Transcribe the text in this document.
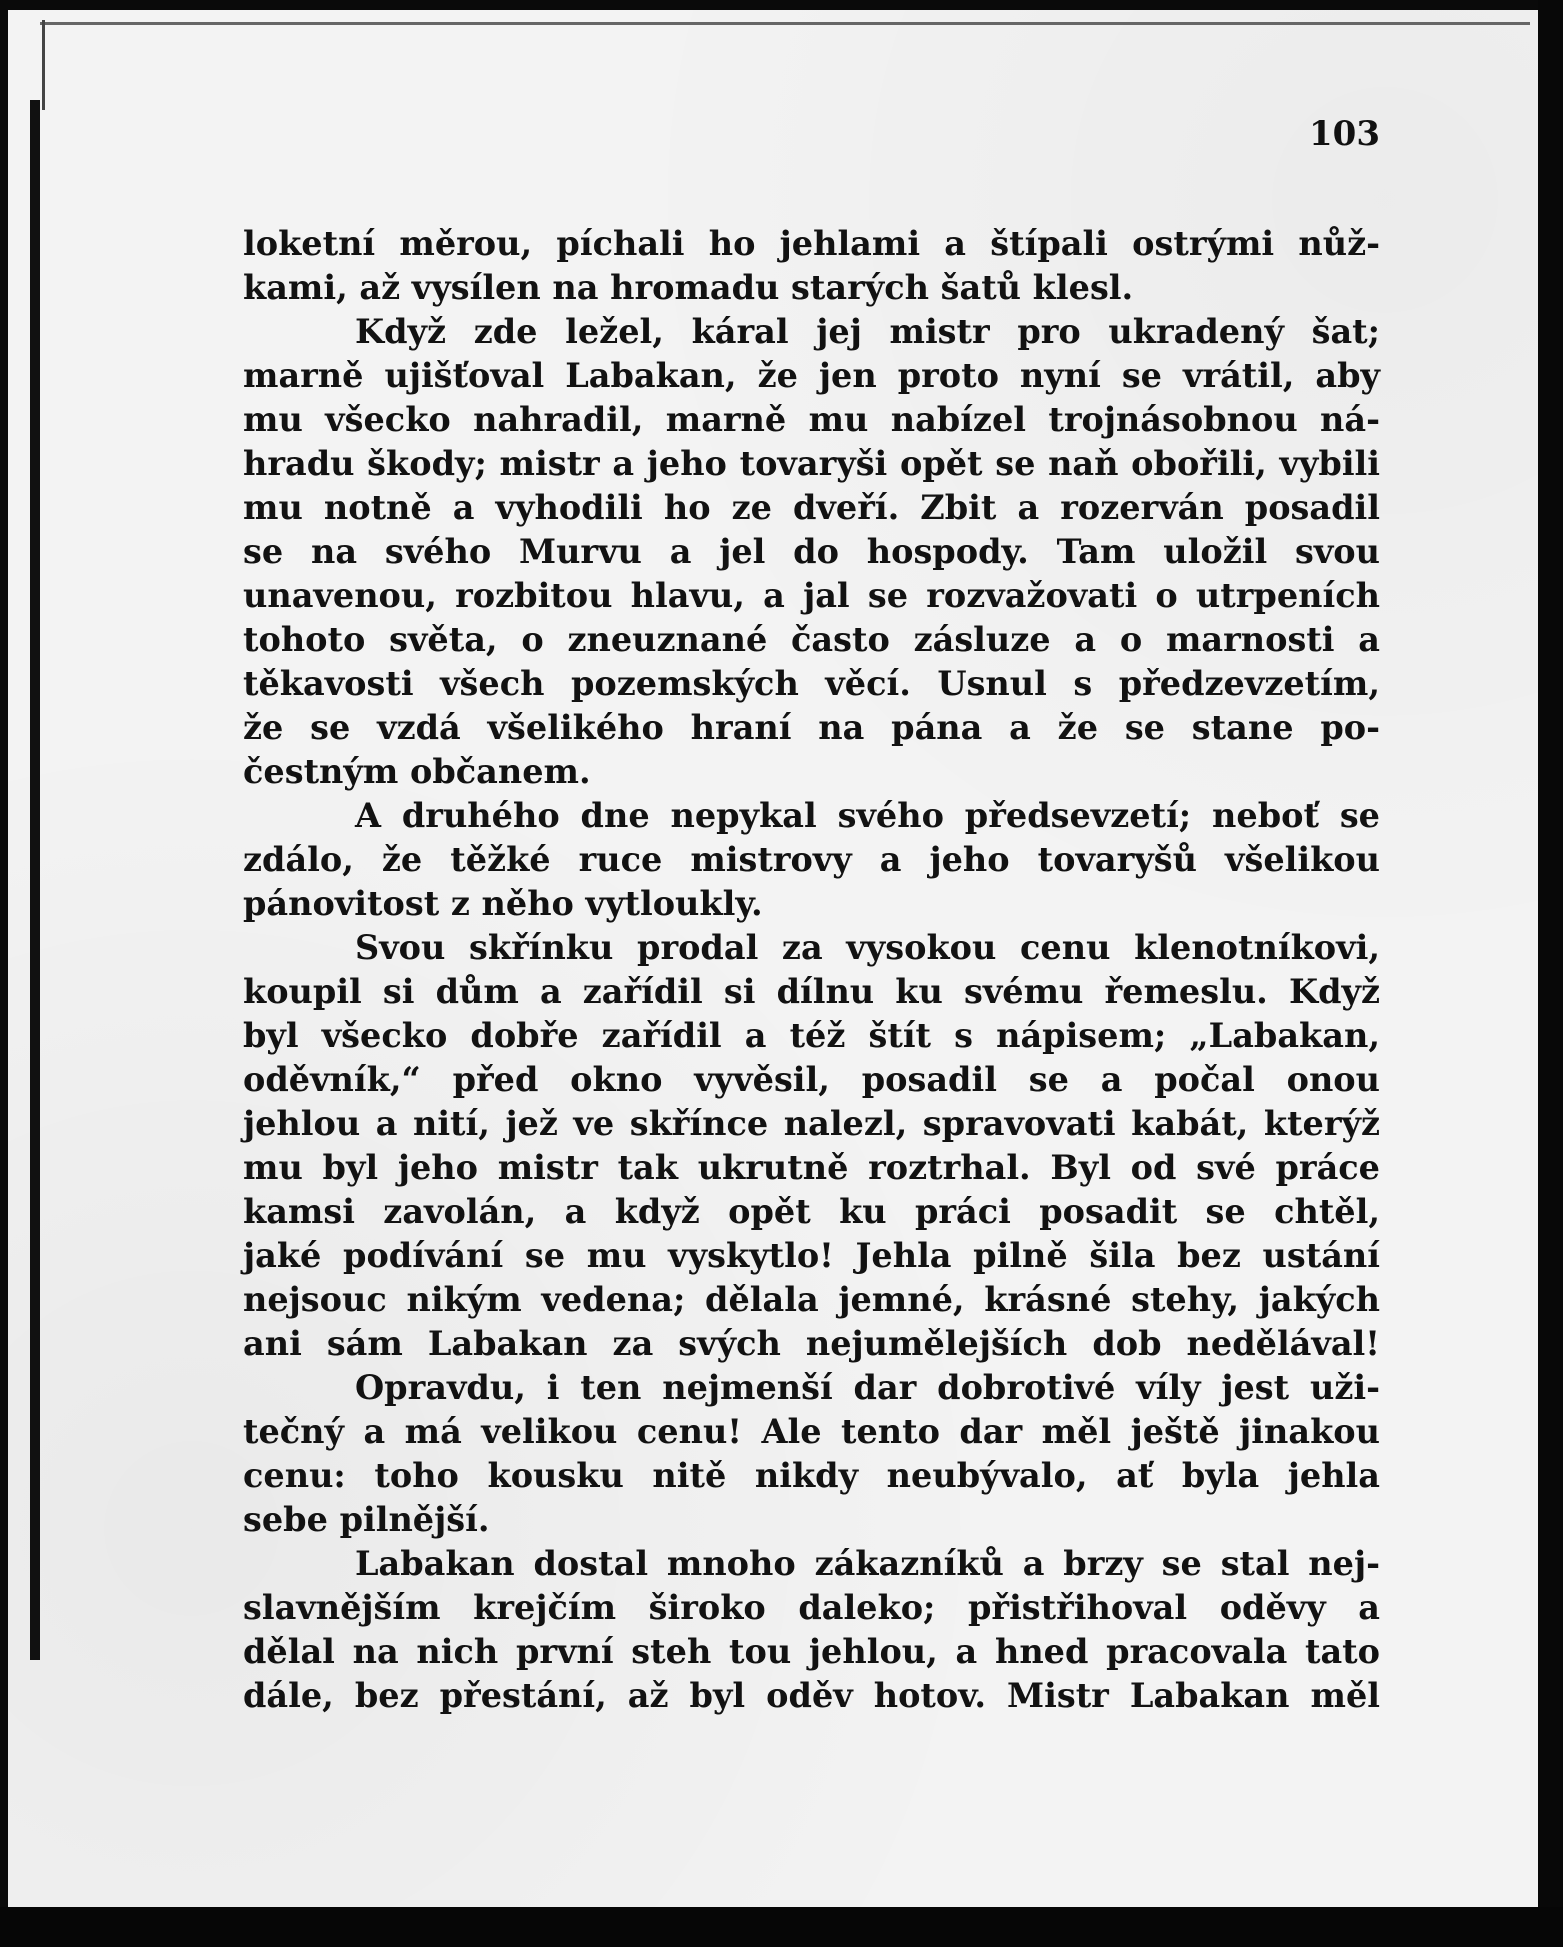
103
loketní měrou, píchali ho jehlami a štípali ostrými nůž-
kami, až vysílen na hromadu starých šatů klesl.
Když zde ležel, káral jej mistr pro ukradený šat;
marně ujišťoval Labakan, že jen proto nyní se vrátil, aby
mu všecko nahradil, marně mu nabízel trojnásobnou ná-
hradu škody; mistr a jeho tovaryši opět se naň obořili, vybili
mu notně a vyhodili ho ze dveří. Zbit a rozerván posadil
se na svého Murvu a jel do hospody. Tam uložil svou
unavenou, rozbitou hlavu, a jal se rozvažovati o utrpeních
tohoto světa, o zneuznané často zásluze a o marnosti a
těkavosti všech pozemských věcí. Usnul s předzevzetím,
že se vzdá všelikého hraní na pána a že se stane po-
čestným občanem.
A druhého dne nepykal svého předsevzetí; neboť se
zdálo, že těžké ruce mistrovy a jeho tovaryšů všelikou
pánovitost z něho vytloukly.
Svou skřínku prodal za vysokou cenu klenotníkovi,
koupil si dům a zařídil si dílnu ku svému řemeslu. Když
byl všecko dobře zařídil a též štít s nápisem; „Labakan,
oděvník,“ před okno vyvěsil, posadil se a počal onou
jehlou a nití, jež ve skřínce nalezl, spravovati kabát, kterýž
mu byl jeho mistr tak ukrutně roztrhal. Byl od své práce
kamsi zavolán, a když opět ku práci posadit se chtěl,
jaké podívání se mu vyskytlo! Jehla pilně šila bez ustání
nejsouc nikým vedena; dělala jemné, krásné stehy, jakých
ani sám Labakan za svých nejumělejších dob nedělával!
Opravdu, i ten nejmenší dar dobrotivé víly jest uži-
tečný a má velikou cenu! Ale tento dar měl ještě jinakou
cenu: toho kousku nitě nikdy neubývalo, ať byla jehla
sebe pilnější.
Labakan dostal mnoho zákazníků a brzy se stal nej-
slavnějším krejčím široko daleko; přistřihoval oděvy a
dělal na nich první steh tou jehlou, a hned pracovala tato
dále, bez přestání, až byl oděv hotov. Mistr Labakan měl
